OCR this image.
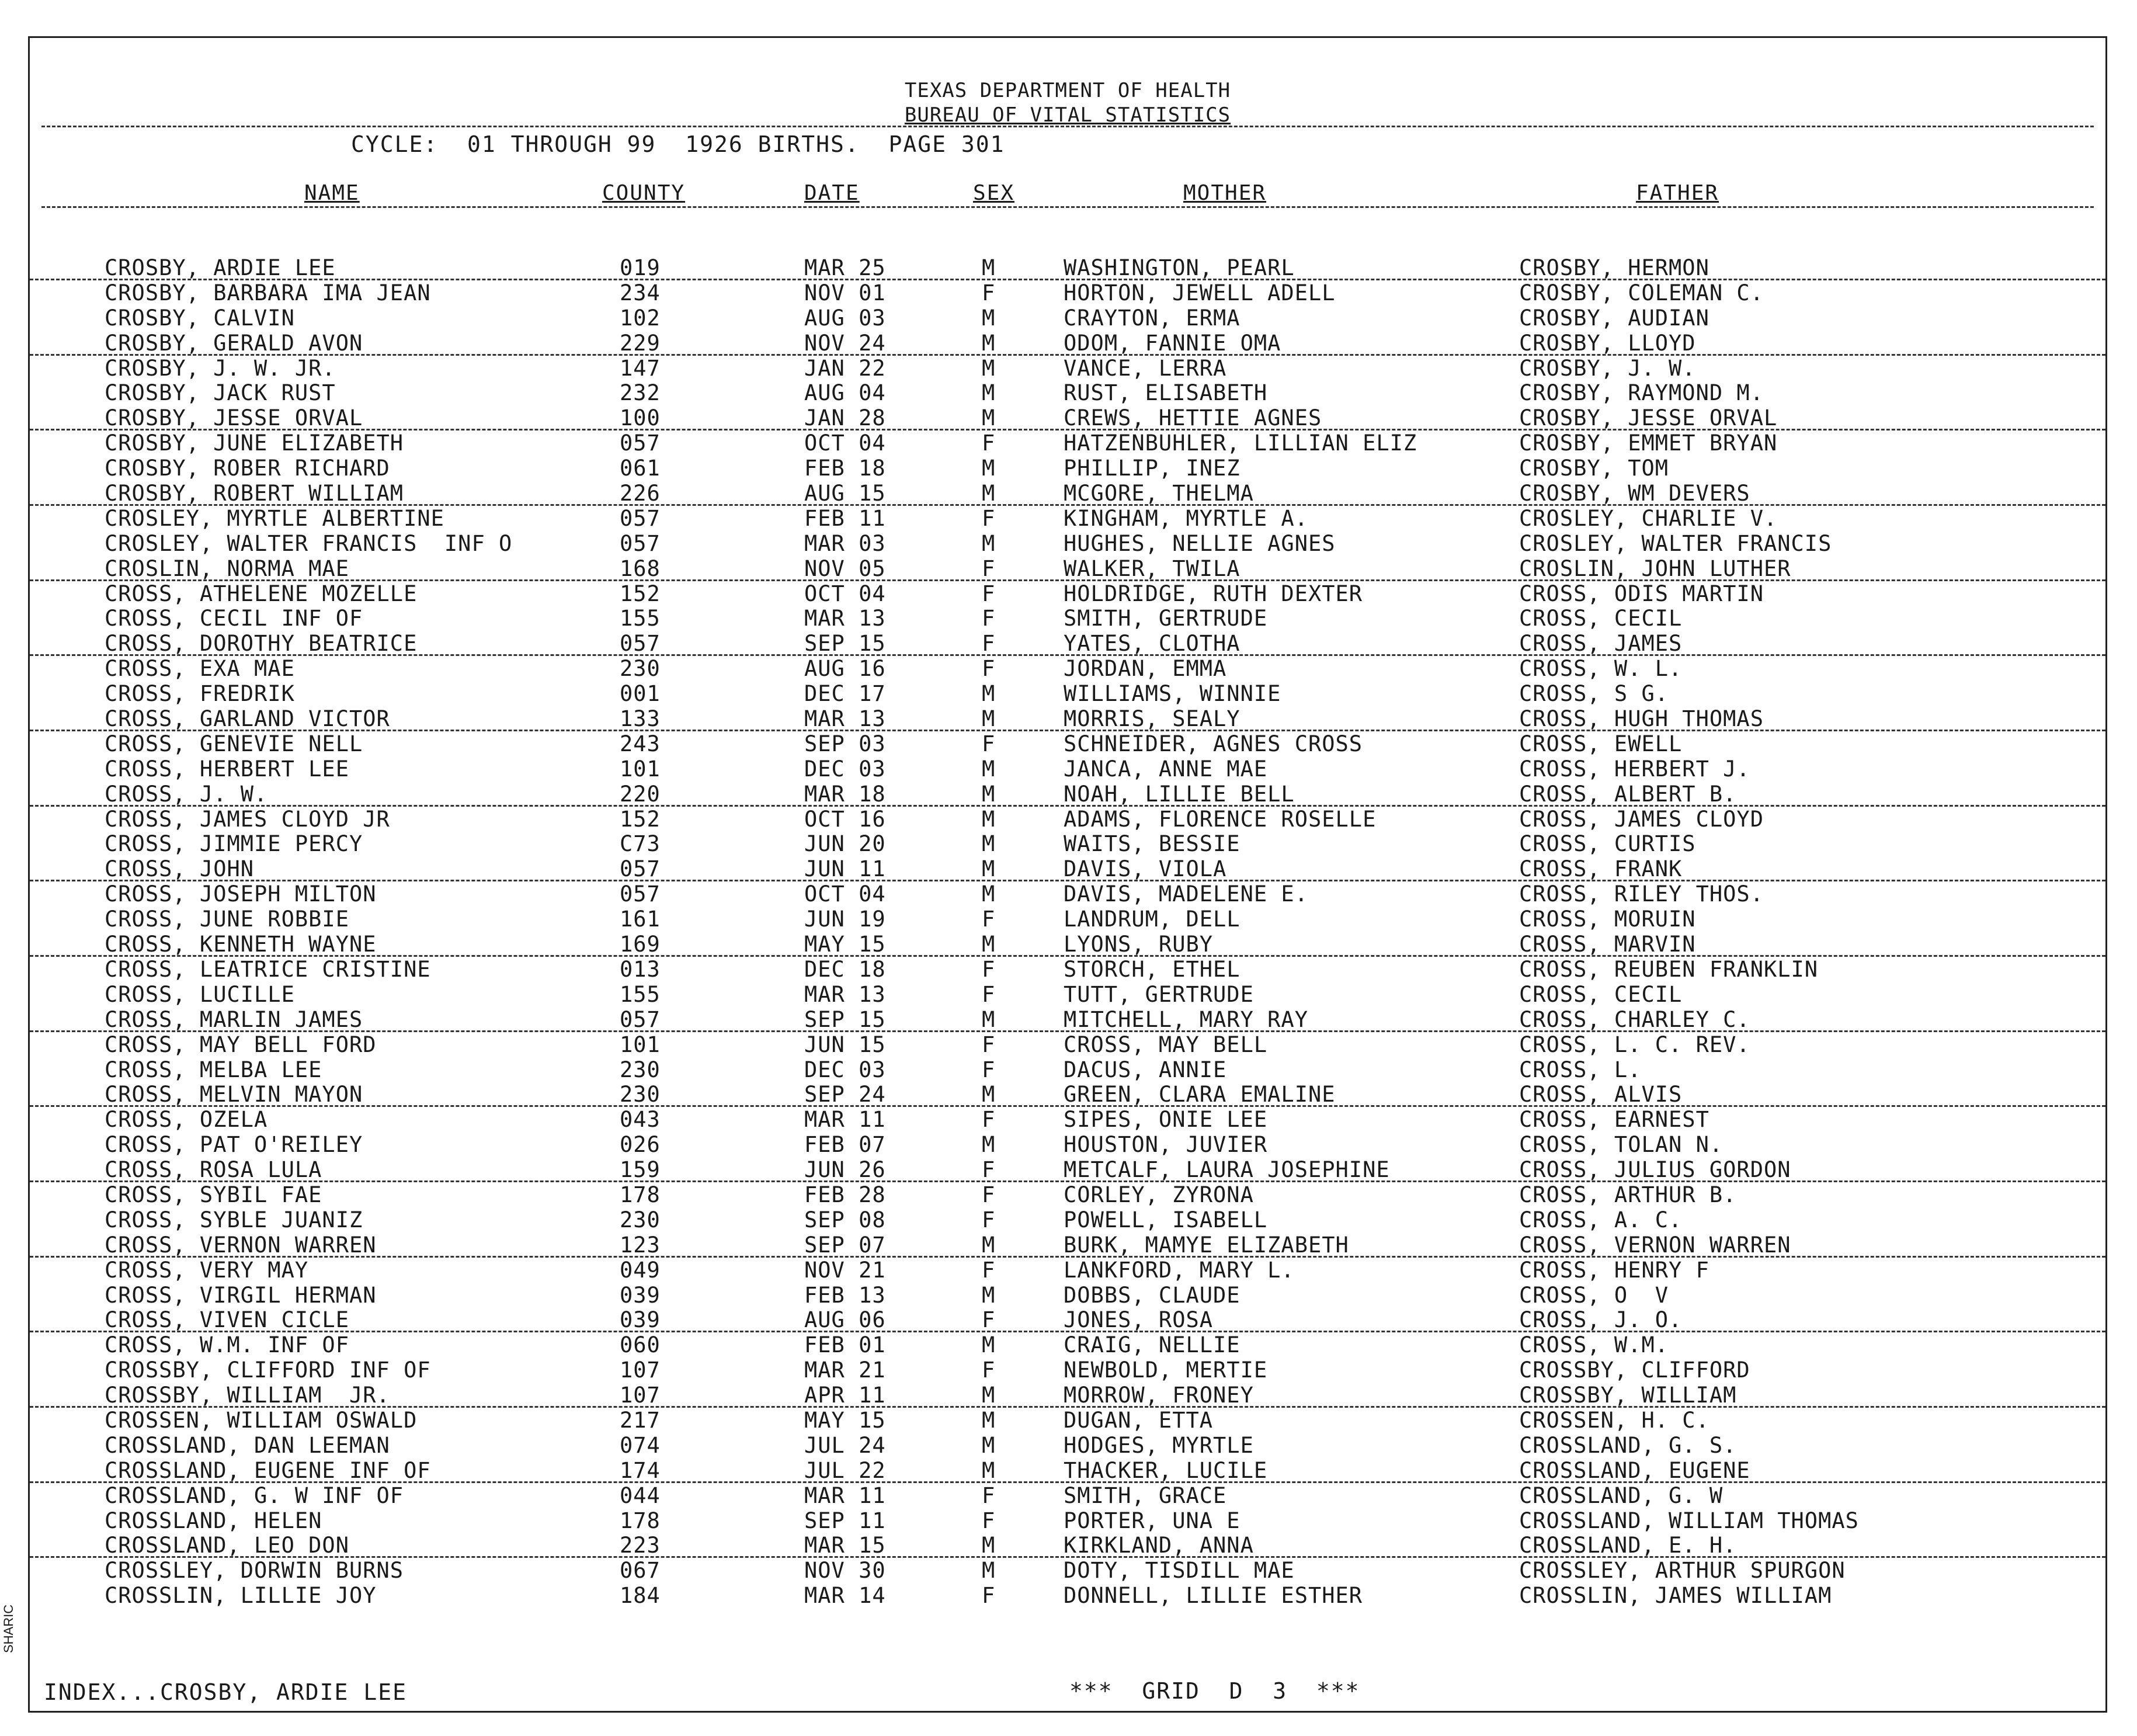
SHARIC
TEXAS DEPARTMENT OF HEALTH
BUREAU OF VITAL STATISTICS
CYCLE:  01 THROUGH 99  1926 BIRTHS.  PAGE 301
NAME	COUNTY	DATE	SEX	MOTHER	FATHER
CROSBY, ARDIE LEE	019	MAR 25	M	WASHINGTON, PEARL	CROSBY, HERMON
CROSBY, BARBARA IMA JEAN	234	NOV 01	F	HORTON, JEWELL ADELL	CROSBY, COLEMAN C.
CROSBY, CALVIN	102	AUG 03	M	CRAYTON, ERMA	CROSBY, AUDIAN
CROSBY, GERALD AVON	229	NOV 24	M	ODOM, FANNIE OMA	CROSBY, LLOYD
CROSBY, J. W. JR.	147	JAN 22	M	VANCE, LERRA	CROSBY, J. W.
CROSBY, JACK RUST	232	AUG 04	M	RUST, ELISABETH	CROSBY, RAYMOND M.
CROSBY, JESSE ORVAL	100	JAN 28	M	CREWS, HETTIE AGNES	CROSBY, JESSE ORVAL
CROSBY, JUNE ELIZABETH	057	OCT 04	F	HATZENBUHLER, LILLIAN ELIZ	CROSBY, EMMET BRYAN
CROSBY, ROBER RICHARD	061	FEB 18	M	PHILLIP, INEZ	CROSBY, TOM
CROSBY, ROBERT WILLIAM	226	AUG 15	M	MCGORE, THELMA	CROSBY, WM DEVERS
CROSLEY, MYRTLE ALBERTINE	057	FEB 11	F	KINGHAM, MYRTLE A.	CROSLEY, CHARLIE V.
CROSLEY, WALTER FRANCIS  INF O	057	MAR 03	M	HUGHES, NELLIE AGNES	CROSLEY, WALTER FRANCIS
CROSLIN, NORMA MAE	168	NOV 05	F	WALKER, TWILA	CROSLIN, JOHN LUTHER
CROSS, ATHELENE MOZELLE	152	OCT 04	F	HOLDRIDGE, RUTH DEXTER	CROSS, ODIS MARTIN
CROSS, CECIL INF OF	155	MAR 13	F	SMITH, GERTRUDE	CROSS, CECIL
CROSS, DOROTHY BEATRICE	057	SEP 15	F	YATES, CLOTHA	CROSS, JAMES
CROSS, EXA MAE	230	AUG 16	F	JORDAN, EMMA	CROSS, W. L.
CROSS, FREDRIK	001	DEC 17	M	WILLIAMS, WINNIE	CROSS, S G.
CROSS, GARLAND VICTOR	133	MAR 13	M	MORRIS, SEALY	CROSS, HUGH THOMAS
CROSS, GENEVIE NELL	243	SEP 03	F	SCHNEIDER, AGNES CROSS	CROSS, EWELL
CROSS, HERBERT LEE	101	DEC 03	M	JANCA, ANNE MAE	CROSS, HERBERT J.
CROSS, J. W.	220	MAR 18	M	NOAH, LILLIE BELL	CROSS, ALBERT B.
CROSS, JAMES CLOYD JR	152	OCT 16	M	ADAMS, FLORENCE ROSELLE	CROSS, JAMES CLOYD
CROSS, JIMMIE PERCY	C73	JUN 20	M	WAITS, BESSIE	CROSS, CURTIS
CROSS, JOHN	057	JUN 11	M	DAVIS, VIOLA	CROSS, FRANK
CROSS, JOSEPH MILTON	057	OCT 04	M	DAVIS, MADELENE E.	CROSS, RILEY THOS.
CROSS, JUNE ROBBIE	161	JUN 19	F	LANDRUM, DELL	CROSS, MORUIN
CROSS, KENNETH WAYNE	169	MAY 15	M	LYONS, RUBY	CROSS, MARVIN
CROSS, LEATRICE CRISTINE	013	DEC 18	F	STORCH, ETHEL	CROSS, REUBEN FRANKLIN
CROSS, LUCILLE	155	MAR 13	F	TUTT, GERTRUDE	CROSS, CECIL
CROSS, MARLIN JAMES	057	SEP 15	M	MITCHELL, MARY RAY	CROSS, CHARLEY C.
CROSS, MAY BELL FORD	101	JUN 15	F	CROSS, MAY BELL	CROSS, L. C. REV.
CROSS, MELBA LEE	230	DEC 03	F	DACUS, ANNIE	CROSS, L.
CROSS, MELVIN MAYON	230	SEP 24	M	GREEN, CLARA EMALINE	CROSS, ALVIS
CROSS, OZELA	043	MAR 11	F	SIPES, ONIE LEE	CROSS, EARNEST
CROSS, PAT O'REILEY	026	FEB 07	M	HOUSTON, JUVIER	CROSS, TOLAN N.
CROSS, ROSA LULA	159	JUN 26	F	METCALF, LAURA JOSEPHINE	CROSS, JULIUS GORDON
CROSS, SYBIL FAE	178	FEB 28	F	CORLEY, ZYRONA	CROSS, ARTHUR B.
CROSS, SYBLE JUANIZ	230	SEP 08	F	POWELL, ISABELL	CROSS, A. C.
CROSS, VERNON WARREN	123	SEP 07	M	BURK, MAMYE ELIZABETH	CROSS, VERNON WARREN
CROSS, VERY MAY	049	NOV 21	F	LANKFORD, MARY L.	CROSS, HENRY F
CROSS, VIRGIL HERMAN	039	FEB 13	M	DOBBS, CLAUDE	CROSS, O  V
CROSS, VIVEN CICLE	039	AUG 06	F	JONES, ROSA	CROSS, J. O.
CROSS, W.M. INF OF	060	FEB 01	M	CRAIG, NELLIE	CROSS, W.M.
CROSSBY, CLIFFORD INF OF	107	MAR 21	F	NEWBOLD, MERTIE	CROSSBY, CLIFFORD
CROSSBY, WILLIAM  JR.	107	APR 11	M	MORROW, FRONEY	CROSSBY, WILLIAM
CROSSEN, WILLIAM OSWALD	217	MAY 15	M	DUGAN, ETTA	CROSSEN, H. C.
CROSSLAND, DAN LEEMAN	074	JUL 24	M	HODGES, MYRTLE	CROSSLAND, G. S.
CROSSLAND, EUGENE INF OF	174	JUL 22	M	THACKER, LUCILE	CROSSLAND, EUGENE
CROSSLAND, G. W INF OF	044	MAR 11	F	SMITH, GRACE	CROSSLAND, G. W
CROSSLAND, HELEN	178	SEP 11	F	PORTER, UNA E	CROSSLAND, WILLIAM THOMAS
CROSSLAND, LEO DON	223	MAR 15	M	KIRKLAND, ANNA	CROSSLAND, E. H.
CROSSLEY, DORWIN BURNS	067	NOV 30	M	DOTY, TISDILL MAE	CROSSLEY, ARTHUR SPURGON
CROSSLIN, LILLIE JOY	184	MAR 14	F	DONNELL, LILLIE ESTHER	CROSSLIN, JAMES WILLIAM
INDEX...CROSBY, ARDIE LEE	***  GRID  D  3  ***
